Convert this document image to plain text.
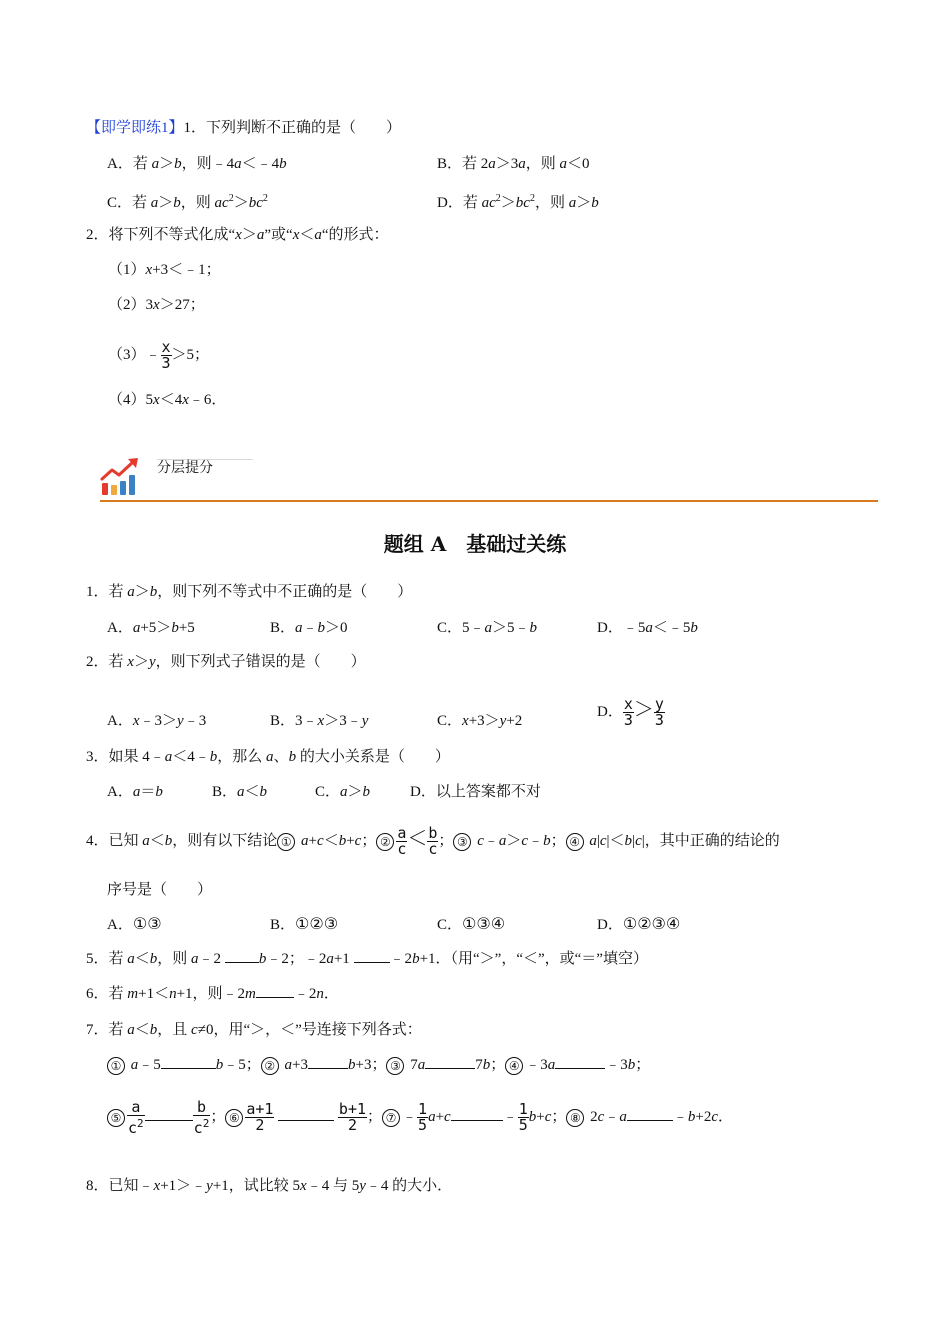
【即学即练1】1．下列判断不正确的是（　　）
A．若 a＞b，则﹣4a＜﹣4b	B．若 2a＞3a，则 a＜0
C．若 a＞b，则 $ac^2>bc^2$	D．若 $ac^2>bc^2$，则 a＞b
2．将下列不等式化成“x＞a”或“x＜a“的形式：
（1）x+3＜﹣1；
（2）3x＞27；
（3）﹣ $\frac{x}{3} >5$；
（4）5x＜4x﹣6．
分层提分
题组 A　基础过关练
1．若 a＞b，则下列不等式中不正确的是（　　）
A．a+5＞b+5	B．a﹣b＞0	C．5﹣a＞5﹣b	D．﹣5a＜﹣5b
2．若 x＞y，则下列式子错误的是（　　）
A．x﹣3＞y﹣3	B．3﹣x＞3﹣y	C．x+3＞y+2
D． $\frac{x}{3} > \frac{y}{3}$
3．如果 4﹣a＜4﹣b，那么 a、b 的大小关系是（　　）
A．a＝b	B．a＜b	C．a＞b	D．以上答案都不对
4．已知 a＜b，则有以下结论 ① a+c＜b+c； ② $\frac{a}{c} < \frac{b}{c}$ ； ③ c﹣a＞c﹣b； ④ a|c|＜b|c|，其中正确的结论的
序号是（　　）
A．①③	B．①②③	C．①③④	D．①②③④
5．若 a＜b，则 a﹣2 b﹣2；﹣2a+1 ﹣2b+1．（用“＞”，“＜”，或“＝”填空）
6．若 m+1＜n+1，则﹣2m	﹣2n．
7．若 a＜b，且 c≠0，用“＞，＜”号连接下列各式：
① a﹣5	b﹣5； ② a+3	b+3； ③ 7a	7b； ④ ﹣3a	﹣3b；
⑤ $\frac{a}{c^2}$	$\frac{b}{c^2}$ ； ⑥ $\frac{a+1}{2}$
	$\frac{b+1}{2}$ ； ⑦ ﹣ $\frac{1}{5} a+c$	﹣ $\frac{1}{5} b+c$； ⑧ 2c﹣a	﹣b+2c．
8．已知﹣x+1＞﹣y+1，试比较 5x﹣4 与 5y﹣4 的大小．
